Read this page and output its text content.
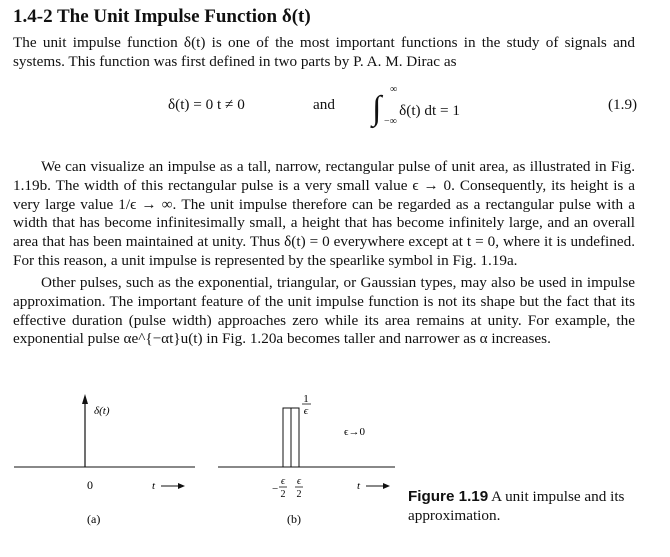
1.4-2 The Unit Impulse Function δ(t)
The unit impulse function δ(t) is one of the most important functions in the study of signals and systems. This function was first defined in two parts by P. A. M. Dirac as
δ(t) = 0 t ≠ 0	and ∫
∞
−∞
δ(t) dt = 1	(1.9)
We can visualize an impulse as a tall, narrow, rectangular pulse of unit area, as illustrated in Fig. 1.19b. The width of this rectangular pulse is a very small value ϵ → 0. Consequently, its height is a very large value 1/ϵ → ∞. The unit impulse therefore can be regarded as a rectangular pulse with a width that has become infinitesimally small, a height that has become infinitely large, and an overall area that has been maintained at unity. Thus δ(t) = 0 everywhere except at t = 0, where it is undefined. For this reason, a unit impulse is represented by the spearlike symbol in Fig. 1.19a.
Other pulses, such as the exponential, triangular, or Gaussian types, may also be used in impulse approximation. The important feature of the unit impulse function is not its shape but the fact that its effective duration (pulse width) approaches zero while its area remains at unity. For example, the exponential pulse αe^{−αt}u(t) in Fig. 1.20a becomes taller and narrower as α increases.
δ(t)
0	t
(a)
1
ϵ
ϵ→0
−
ϵ
2
ϵ
2
t
(b)
Figure 1.19 A unit impulse and its approximation.
